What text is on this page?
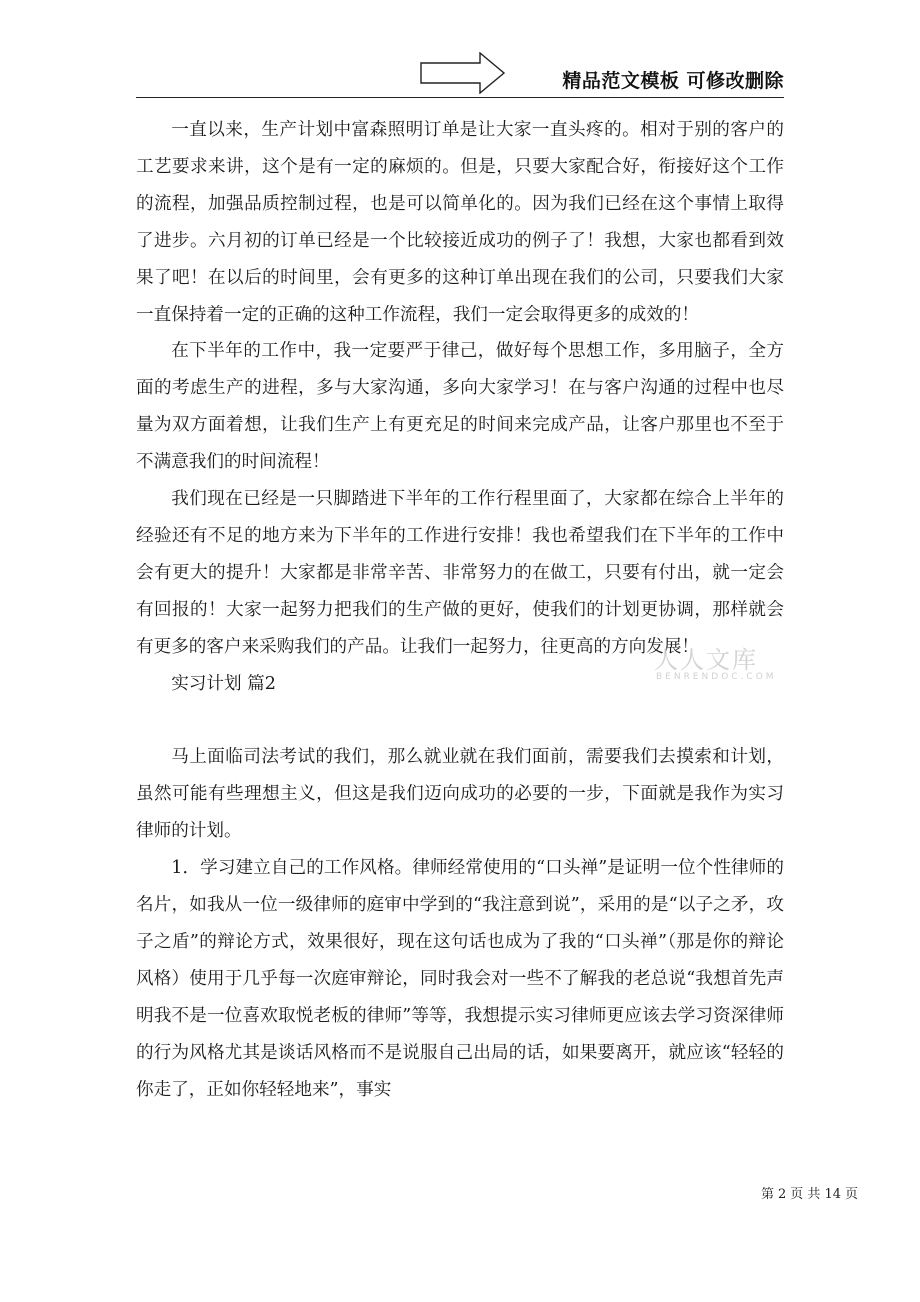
精品范文模板 可修改删除

一直以来，生产计划中富森照明订单是让大家一直头疼的。相对于别的客户的工艺要求来讲，这个是有一定的麻烦的。但是，只要大家配合好，衔接好这个工作的流程，加强品质控制过程，也是可以简单化的。因为我们已经在这个事情上取得了进步。六月初的订单已经是一个比较接近成功的例子了！我想，大家也都看到效果了吧！在以后的时间里，会有更多的这种订单出现在我们的公司，只要我们大家一直保持着一定的正确的这种工作流程，我们一定会取得更多的成效的！

在下半年的工作中，我一定要严于律己，做好每个思想工作，多用脑子，全方面的考虑生产的进程，多与大家沟通，多向大家学习！在与客户沟通的过程中也尽量为双方面着想，让我们生产上有更充足的时间来完成产品，让客户那里也不至于不满意我们的时间流程！

我们现在已经是一只脚踏进下半年的工作行程里面了，大家都在综合上半年的经验还有不足的地方来为下半年的工作进行安排！我也希望我们在下半年的工作中会有更大的提升！大家都是非常辛苦、非常努力的在做工，只要有付出，就一定会有回报的！大家一起努力把我们的生产做的更好，使我们的计划更协调，那样就会有更多的客户来采购我们的产品。让我们一起努力，往更高的方向发展！

实习计划 篇2

马上面临司法考试的我们，那么就业就在我们面前，需要我们去摸索和计划，虽然可能有些理想主义，但这是我们迈向成功的必要的一步，下面就是我作为实习律师的计划。

1．学习建立自己的工作风格。律师经常使用的“口头禅”是证明一位个性律师的名片，如我从一位一级律师的庭审中学到的“我注意到说”，采用的是“以子之矛，攻子之盾”的辩论方式，效果很好，现在这句话也成为了我的“口头禅”（那是你的辩论风格）使用于几乎每一次庭审辩论，同时我会对一些不了解我的老总说“我想首先声明我不是一位喜欢取悦老板的律师”等等，我想提示实习律师更应该去学习资深律师的行为风格尤其是谈话风格而不是说服自己出局的话，如果要离开，就应该“轻轻的你走了，正如你轻轻地来”，事实

人人文库
BENRENDOC.COM
第 2 页 共 14 页
